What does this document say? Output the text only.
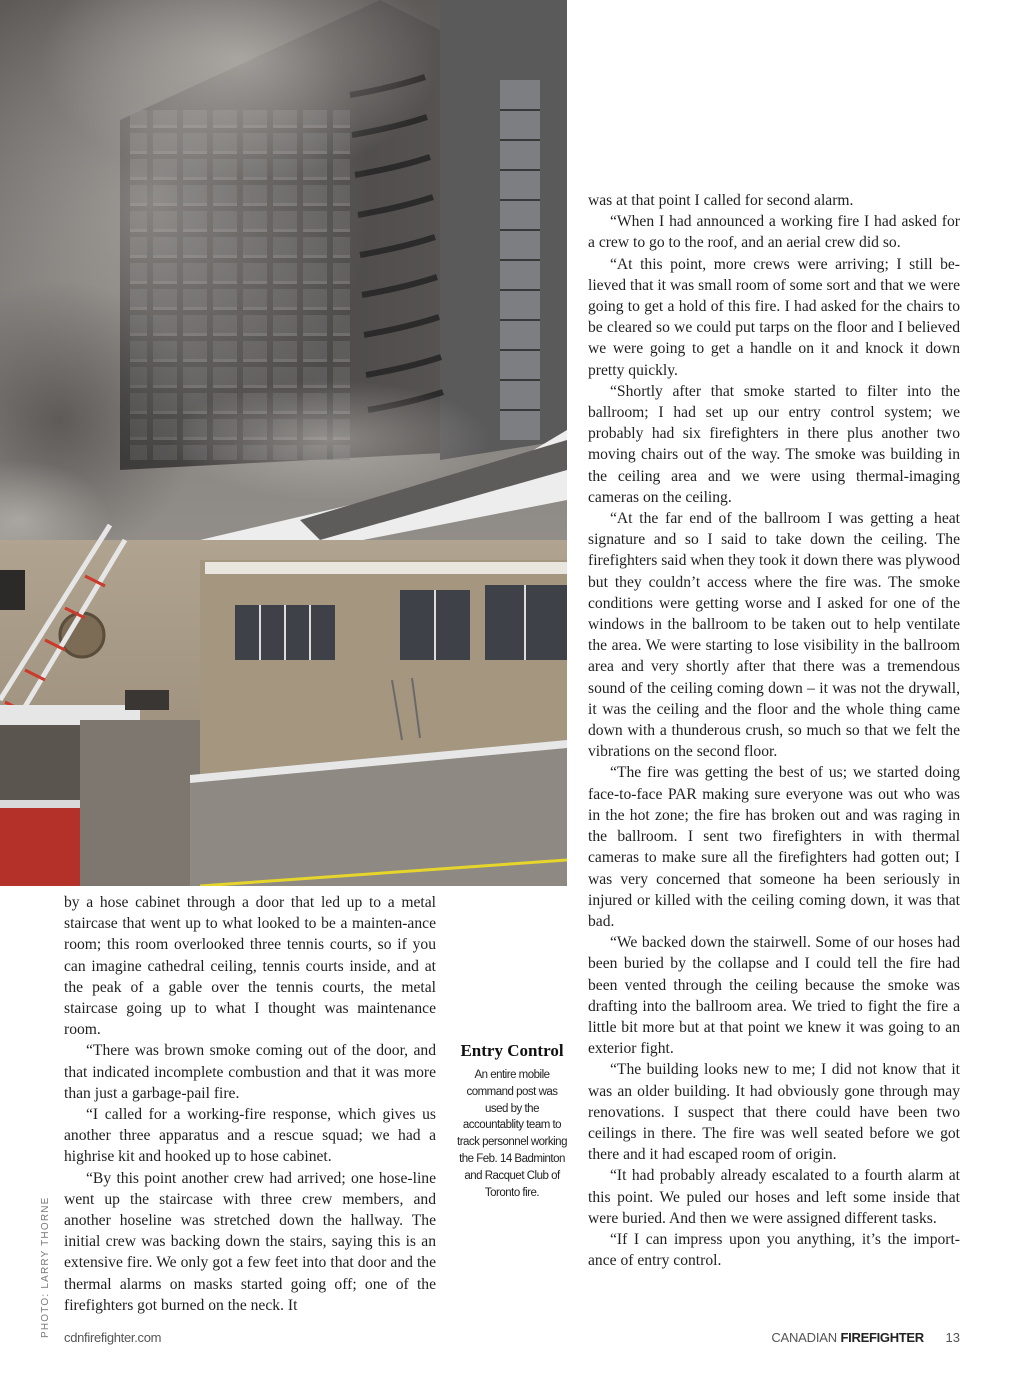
PHOTO: LARRY THORNE

by a hose cabinet through a door that led up to a metal staircase that went up to what looked to be a mainten-ance room; this room overlooked three tennis courts, so if you can imagine cathedral ceiling, tennis courts inside, and at the peak of a gable over the tennis courts, the metal staircase going up to what I thought was maintenance room.

“There was brown smoke coming out of the door, and that indicated incomplete combustion and that it was more than just a garbage-pail fire.

“I called for a working-fire response, which gives us another three apparatus and a rescue squad; we had a highrise kit and hooked up to hose cabinet.

“By this point another crew had arrived; one hose-line went up the staircase with three crew members, and another hoseline was stretched down the hallway. The initial crew was backing down the stairs, saying this is an extensive fire. We only got a few feet into that door and the thermal alarms on masks started going off; one of the firefighters got burned on the neck. It

Entry Control

An entire mobile command post was used by the accountablity team to track personnel working the Feb. 14 Badminton and Racquet Club of Toronto fire.

was at that point I called for second alarm.

“When I had announced a working fire I had asked for a crew to go to the roof, and an aerial crew did so.

“At this point, more crews were arriving; I still be-lieved that it was small room of some sort and that we were going to get a hold of this fire. I had asked for the chairs to be cleared so we could put tarps on the floor and I believed we were going to get a handle on it and knock it down pretty quickly.

“Shortly after that smoke started to filter into the ballroom; I had set up our entry control system; we probably had six firefighters in there plus another two moving chairs out of the way. The smoke was building in the ceiling area and we were using thermal-imaging cameras on the ceiling.

“At the far end of the ballroom I was getting a heat signature and so I said to take down the ceiling. The firefighters said when they took it down there was plywood but they couldn’t access where the fire was. The smoke conditions were getting worse and I asked for one of the windows in the ballroom to be taken out to help ventilate the area. We were starting to lose visibility in the ballroom area and very shortly after that there was a tremendous sound of the ceiling coming down – it was not the drywall, it was the ceiling and the floor and the whole thing came down with a thunderous crush, so much so that we felt the vibrations on the second floor.

“The fire was getting the best of us; we started doing face-to-face PAR making sure everyone was out who was in the hot zone; the fire has broken out and was raging in the ballroom. I sent two firefighters in with thermal cameras to make sure all the firefighters had gotten out; I was very concerned that someone ha been seriously in injured or killed with the ceiling coming down, it was that bad.

“We backed down the stairwell. Some of our hoses had been buried by the collapse and I could tell the fire had been vented through the ceiling because the smoke was drafting into the ballroom area. We tried to fight the fire a little bit more but at that point we knew it was going to an exterior fight.

“The building looks new to me; I did not know that it was an older building. It had obviously gone through may renovations. I suspect that there could have been two ceilings in there. The fire was well seated before we got there and it had escaped room of origin.

“It had probably already escalated to a fourth alarm at this point. We puled our hoses and left some inside that were buried. And then we were assigned different tasks.

“If I can impress upon you anything, it’s the import-ance of entry control.

cdnfirefighter.com	CANADIAN FIREFIGHTER 13
